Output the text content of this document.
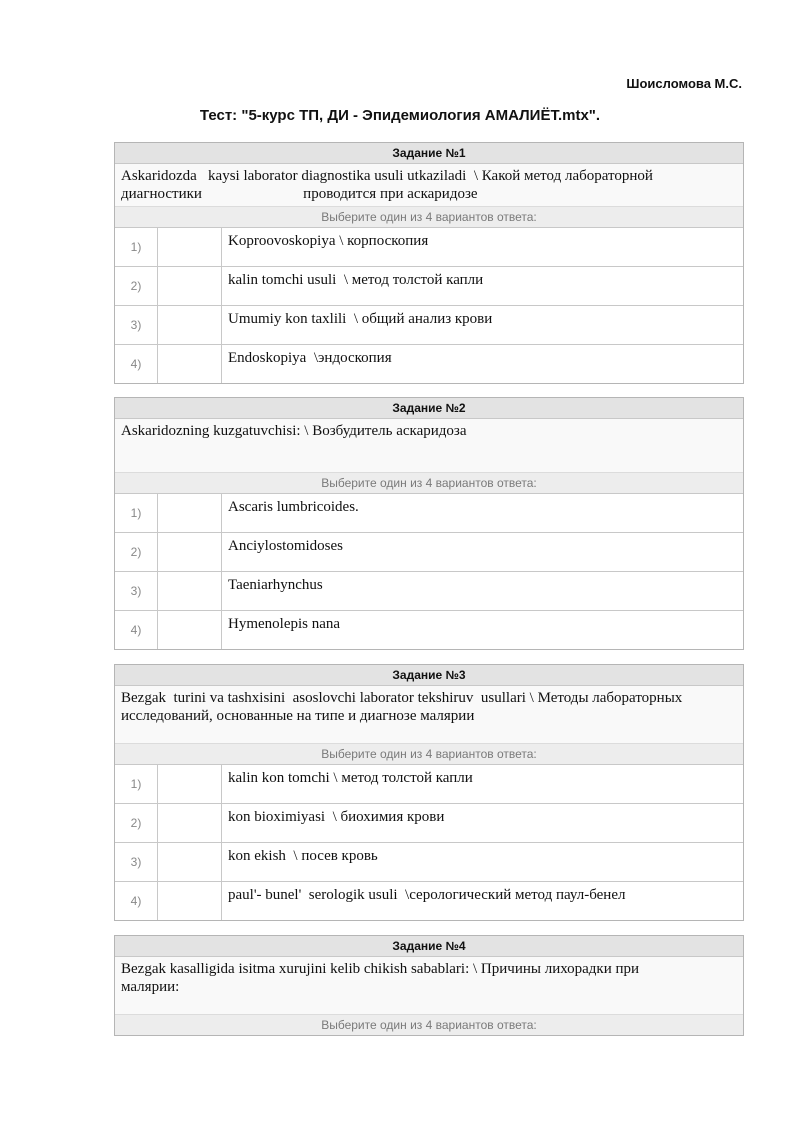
Шоисломова М.С.
Тест: "5-курс ТП, ДИ - Эпидемиология АМАЛИЁТ.mtx".
Задание №1
Askaridozda   kaysi laborator diagnostika usuli utkaziladi  \ Какой метод лабораторной
диагностики                           проводится при аскаридозе
Выберите один из 4 вариантов ответа:
1)	Koproovoskopiya \ корпоскопия
2)	kalin tomchi usuli  \ метод толстой капли
3)	Umumiy kon taxlili  \ общий анализ крови
4)	Endoskopiya  \эндоскопия
Задание №2
Askaridozning kuzgatuvchisi: \ Возбудитель аскаридоза
Выберите один из 4 вариантов ответа:
1)	Ascaris lumbricoides.
2)	Anciylostomidoses
3)	Taeniarhynchus
4)	Hymenolepis nana
Задание №3
Bezgak  turini va tashxisini  asoslovchi laborator tekshiruv  usullari \ Методы лабораторных
исследований, основанные на типе и диагнозе малярии
Выберите один из 4 вариантов ответа:
1)	kalin kon tomchi \ метод толстой капли
2)	kon bioximiyasi  \ биохимия крови
3)	kon ekish  \ посев кровь
4)	paul'- bunel'  serologik usuli  \серологический метод паул-бенел
Задание №4
Bezgak kasalligida isitma xurujini kelib chikish sabablari: \ Причины лихорадки при
малярии:
Выберите один из 4 вариантов ответа:
